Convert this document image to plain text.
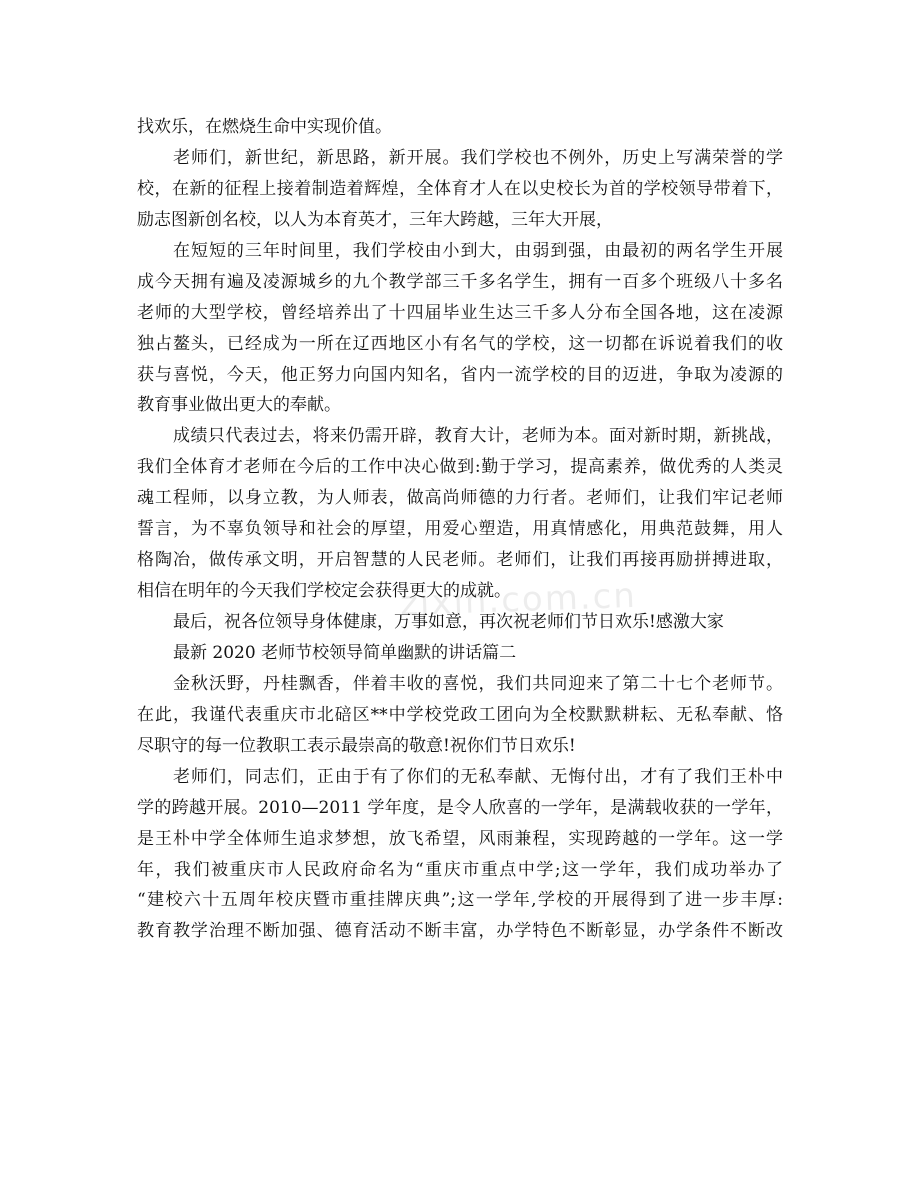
zixin.com.cn
找欢乐，在燃烧生命中实现价值。
老师们，新世纪，新思路，新开展。我们学校也不例外，历史上写满荣誉的学
校，在新的征程上接着制造着辉煌，全体育才人在以史校长为首的学校领导带着下，
励志图新创名校，以人为本育英才，三年大跨越，三年大开展，
在短短的三年时间里，我们学校由小到大，由弱到强，由最初的两名学生开展
成今天拥有遍及凌源城乡的九个教学部三千多名学生，拥有一百多个班级八十多名
老师的大型学校，曾经培养出了十四届毕业生达三千多人分布全国各地，这在凌源
独占鳌头，已经成为一所在辽西地区小有名气的学校，这一切都在诉说着我们的收
获与喜悦，今天，他正努力向国内知名，省内一流学校的目的迈进，争取为凌源的
教育事业做出更大的奉献。
成绩只代表过去，将来仍需开辟，教育大计，老师为本。面对新时期，新挑战，
我们全体育才老师在今后的工作中决心做到:勤于学习，提高素养，做优秀的人类灵
魂工程师，以身立教，为人师表，做高尚师德的力行者。老师们，让我们牢记老师
誓言，为不辜负领导和社会的厚望，用爱心塑造，用真情感化，用典范鼓舞，用人
格陶冶，做传承文明，开启智慧的人民老师。老师们，让我们再接再励拼搏进取，
相信在明年的今天我们学校定会获得更大的成就。
最后，祝各位领导身体健康，万事如意，再次祝老师们节日欢乐!感激大家
最新 2020 老师节校领导简单幽默的讲话篇二
金秋沃野，丹桂飘香，伴着丰收的喜悦，我们共同迎来了第二十七个老师节。
在此，我谨代表重庆市北碚区**中学校党政工团向为全校默默耕耘、无私奉献、恪
尽职守的每一位教职工表示最崇高的敬意!祝你们节日欢乐!
老师们，同志们，正由于有了你们的无私奉献、无悔付出，才有了我们王朴中
学的跨越开展。2010—2011 学年度，是令人欣喜的一学年，是满载收获的一学年，
是王朴中学全体师生追求梦想，放飞希望，风雨兼程，实现跨越的一学年。这一学
年，我们被重庆市人民政府命名为“重庆市重点中学;这一学年，我们成功举办了
“建校六十五周年校庆暨市重挂牌庆典”;这一学年,学校的开展得到了进一步丰厚:
教育教学治理不断加强、德育活动不断丰富，办学特色不断彰显，办学条件不断改
